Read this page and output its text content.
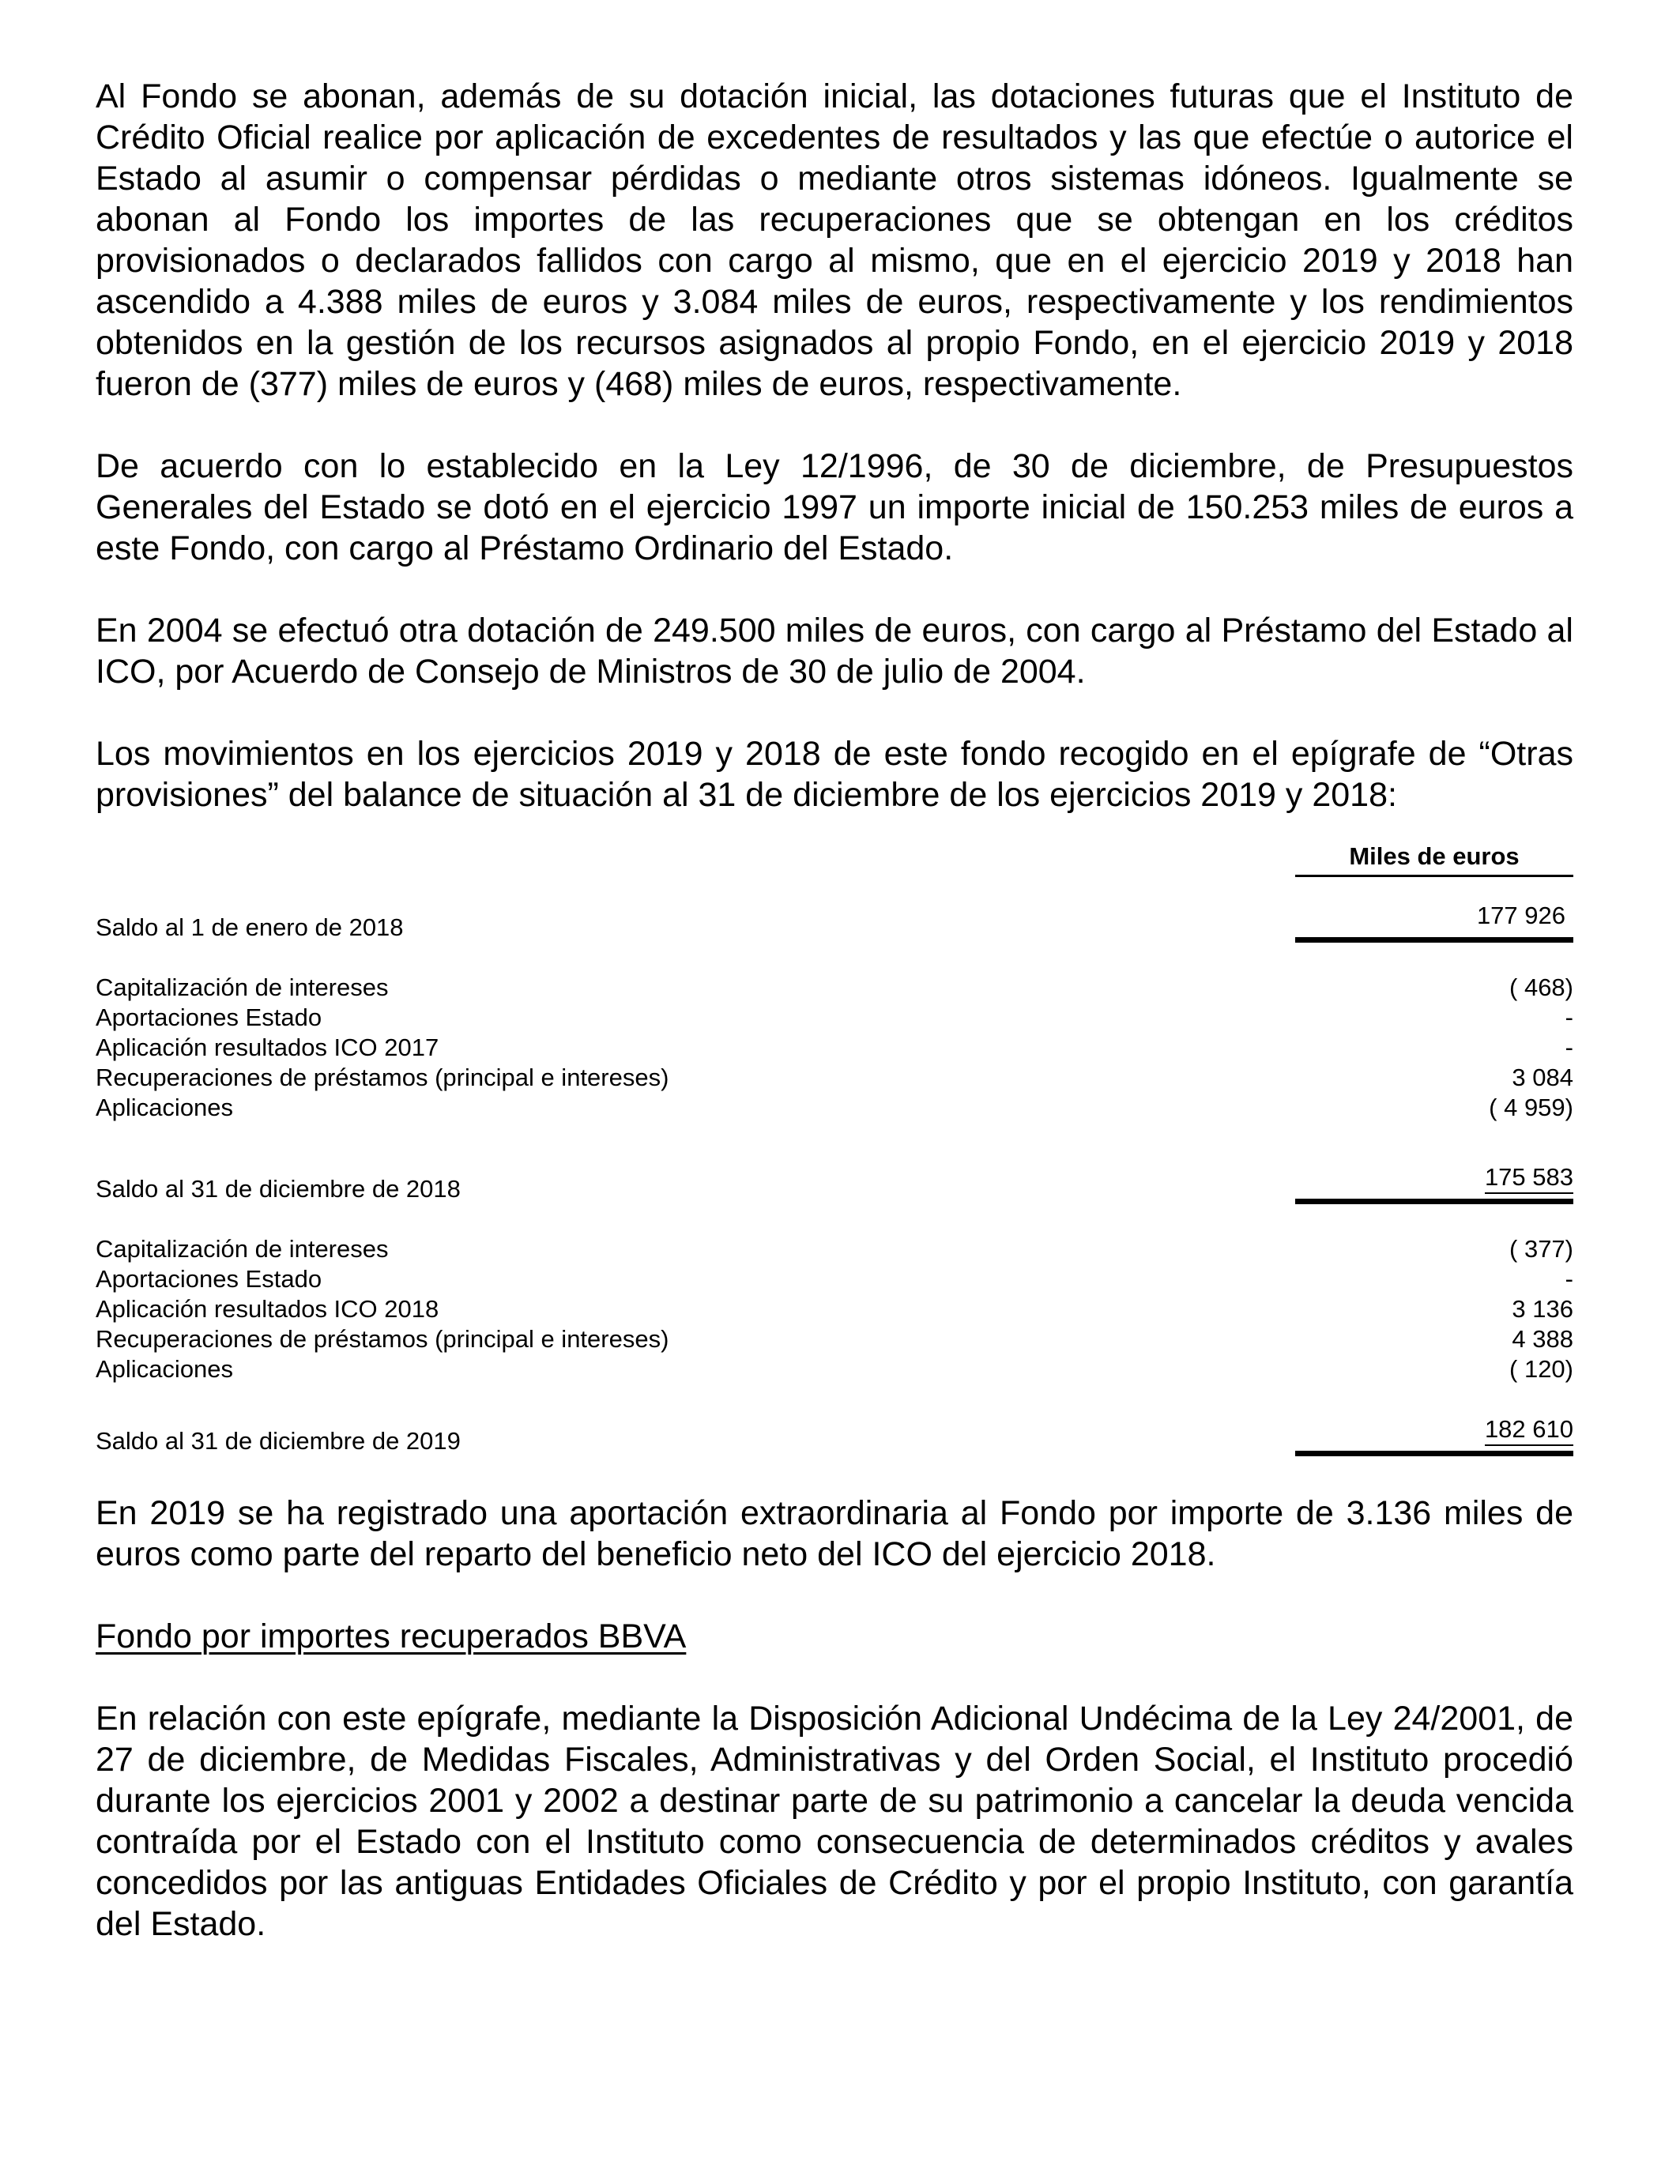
Al Fondo se abonan, además de su dotación inicial, las dotaciones futuras que el Instituto de Crédito Oficial realice por aplicación de excedentes de resultados y las que efectúe o autorice el Estado al asumir o compensar pérdidas o mediante otros sistemas idóneos. Igualmente se abonan al Fondo los importes de las recuperaciones que se obtengan en los créditos provisionados o declarados fallidos con cargo al mismo, que en el ejercicio 2019 y 2018 han ascendido a 4.388 miles de euros y 3.084 miles de euros, respectivamente y los rendimientos obtenidos en la gestión de los recursos asignados al propio Fondo, en el ejercicio 2019 y 2018 fueron de (377) miles de euros y (468) miles de euros, respectivamente.

De acuerdo con lo establecido en la Ley 12/1996, de 30 de diciembre, de Presupuestos Generales del Estado se dotó en el ejercicio 1997 un importe inicial de 150.253 miles de euros a este Fondo, con cargo al Préstamo Ordinario del Estado.

En 2004 se efectuó otra dotación de 249.500 miles de euros, con cargo al Préstamo del Estado al ICO, por Acuerdo de Consejo de Ministros de 30 de julio de 2004.

Los movimientos en los ejercicios 2019 y 2018 de este fondo recogido en el epígrafe de “Otras provisiones” del balance de situación al 31 de diciembre de los ejercicios 2019 y 2018:

Miles de euros
Saldo al 1 de enero de 2018	177 926
Capitalización de intereses	( 468)
Aportaciones Estado	-
Aplicación resultados ICO 2017	-
Recuperaciones de préstamos (principal e intereses)	3 084
Aplicaciones	( 4 959)
Saldo al 31 de diciembre de 2018	175 583
Capitalización de intereses	( 377)
Aportaciones Estado	-
Aplicación resultados ICO 2018	3 136
Recuperaciones de préstamos (principal e intereses)	4 388
Aplicaciones	( 120)
Saldo al 31 de diciembre de 2019	182 610

En 2019 se ha registrado una aportación extraordinaria al Fondo por importe de 3.136 miles de euros como parte del reparto del beneficio neto del ICO del ejercicio 2018.

Fondo por importes recuperados BBVA

En relación con este epígrafe, mediante la Disposición Adicional Undécima de la Ley 24/2001, de 27 de diciembre, de Medidas Fiscales, Administrativas y del Orden Social, el Instituto procedió durante los ejercicios 2001 y 2002 a destinar parte de su patrimonio a cancelar la deuda vencida contraída por el Estado con el Instituto como consecuencia de determinados créditos y avales concedidos por las antiguas Entidades Oficiales de Crédito y por el propio Instituto, con garantía del Estado.
